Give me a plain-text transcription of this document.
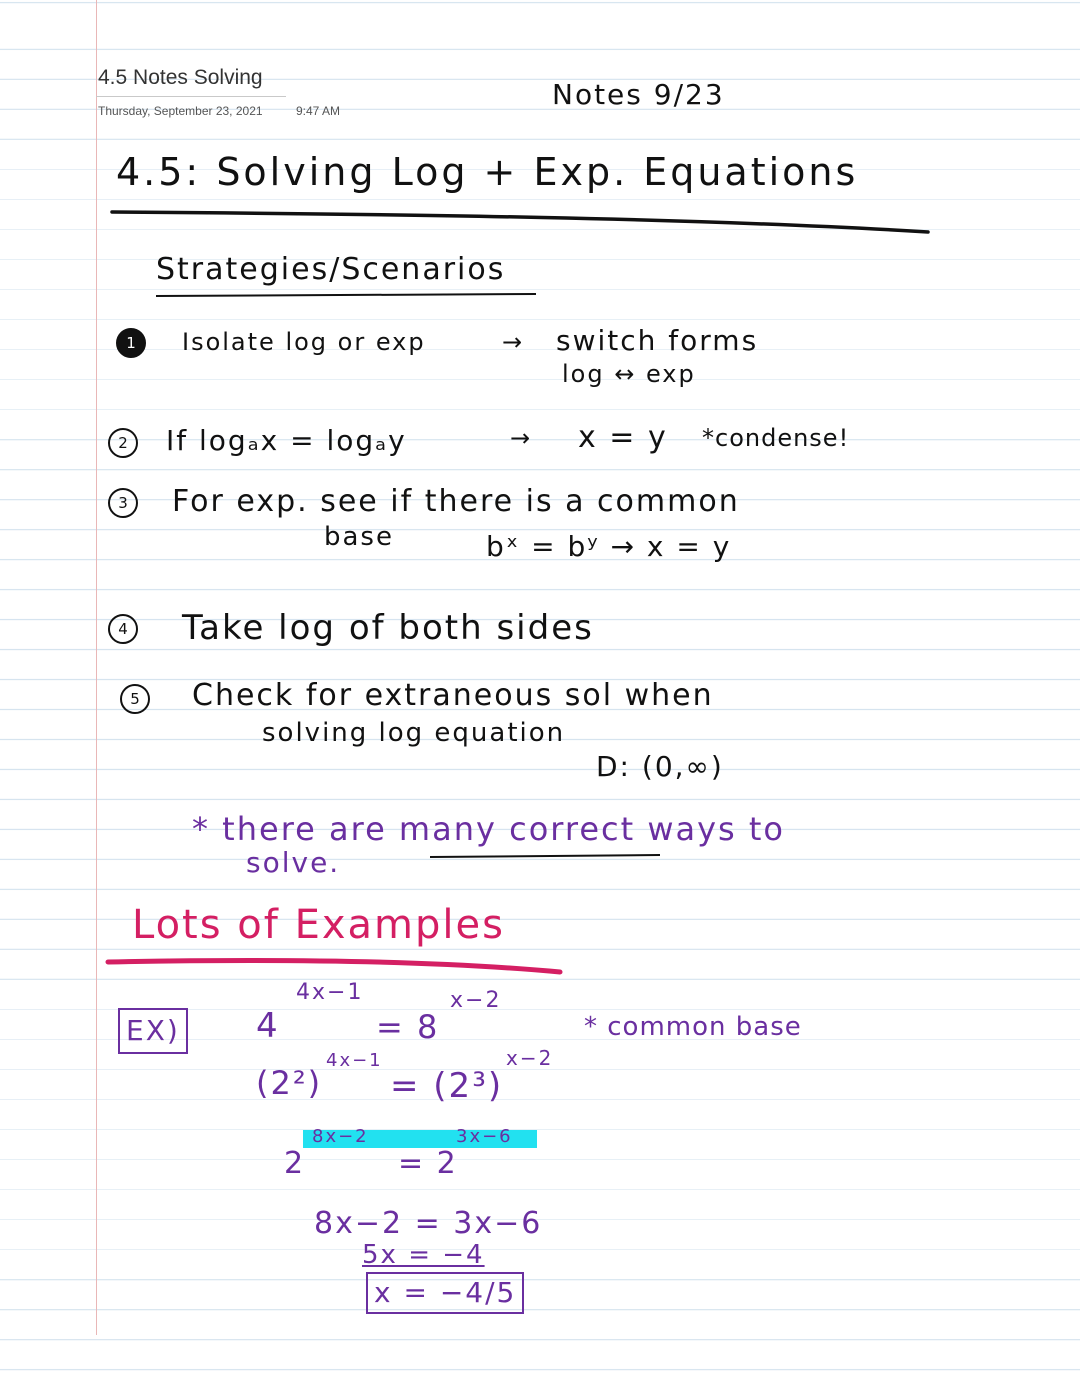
4.5 Notes Solving
Thursday, September 23, 2021	9:47 AM	Notes 9/23
4.5: Solving Log + Exp. Equations
Strategies/Scenarios
1	Isolate log or exp	→ switch forms
log ↔ exp
2	If logₐx = logₐy	→ x = y *condense!
3	For exp. see if there is a common
base	bˣ = bʸ → x = y
4	Take log of both sides
5	Check for extraneous sol when
solving log equation
D: (0,∞)
* there are many correct ways to
solve.
Lots of Examples
EX)	* common base
4
4x−1
= 8
x−2
(2²)
4x−1
= (2³)
x−2
2
8x−2
= 2
3x−6
8x−2 = 3x−6
5x = −4
x = −4/5
